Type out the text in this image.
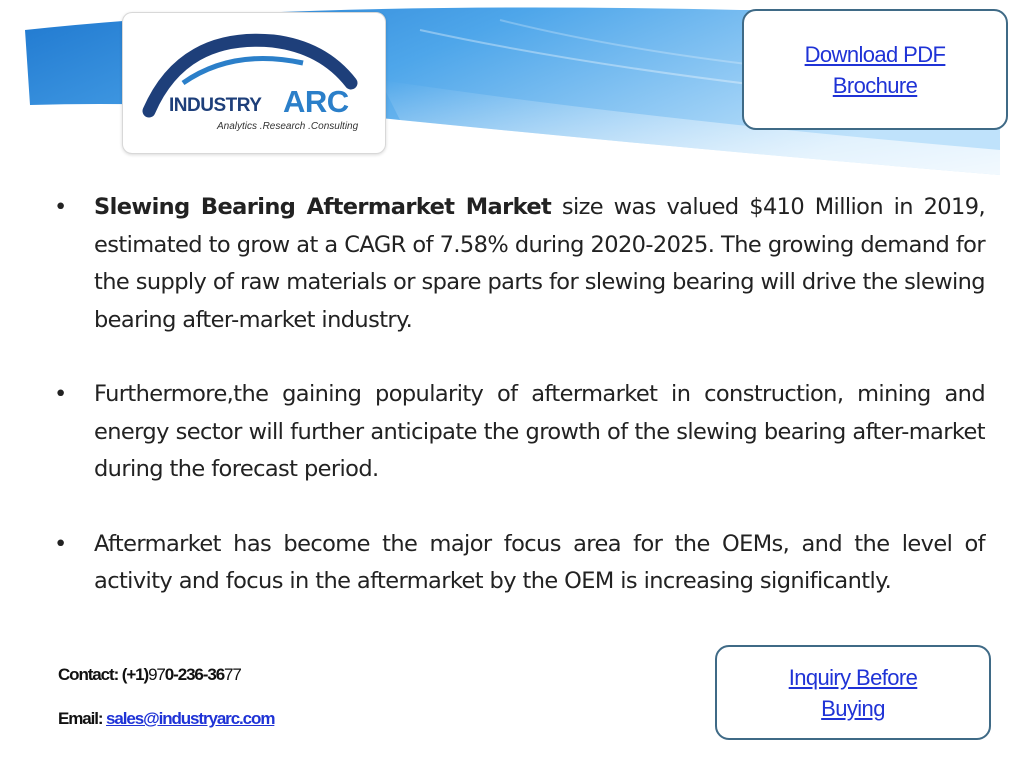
INDUSTRY ARC
Analytics .Research .Consulting
Download PDF Brochure

• Slewing Bearing Aftermarket Market size was valued $410 Million in 2019, estimated to grow at a CAGR of 7.58% during 2020-2025. The growing demand for the supply of raw materials or spare parts for slewing bearing will drive the slewing bearing after-market industry.

• Furthermore,the gaining popularity of aftermarket in construction, mining and energy sector will further anticipate the growth of the slewing bearing after-market during the forecast period.

• Aftermarket has become the major focus area for the OEMs, and the level of activity and focus in the aftermarket by the OEM is increasing significantly.

Contact: (+1)970-236-3677
Email: sales@industryarc.com
Inquiry Before Buying
